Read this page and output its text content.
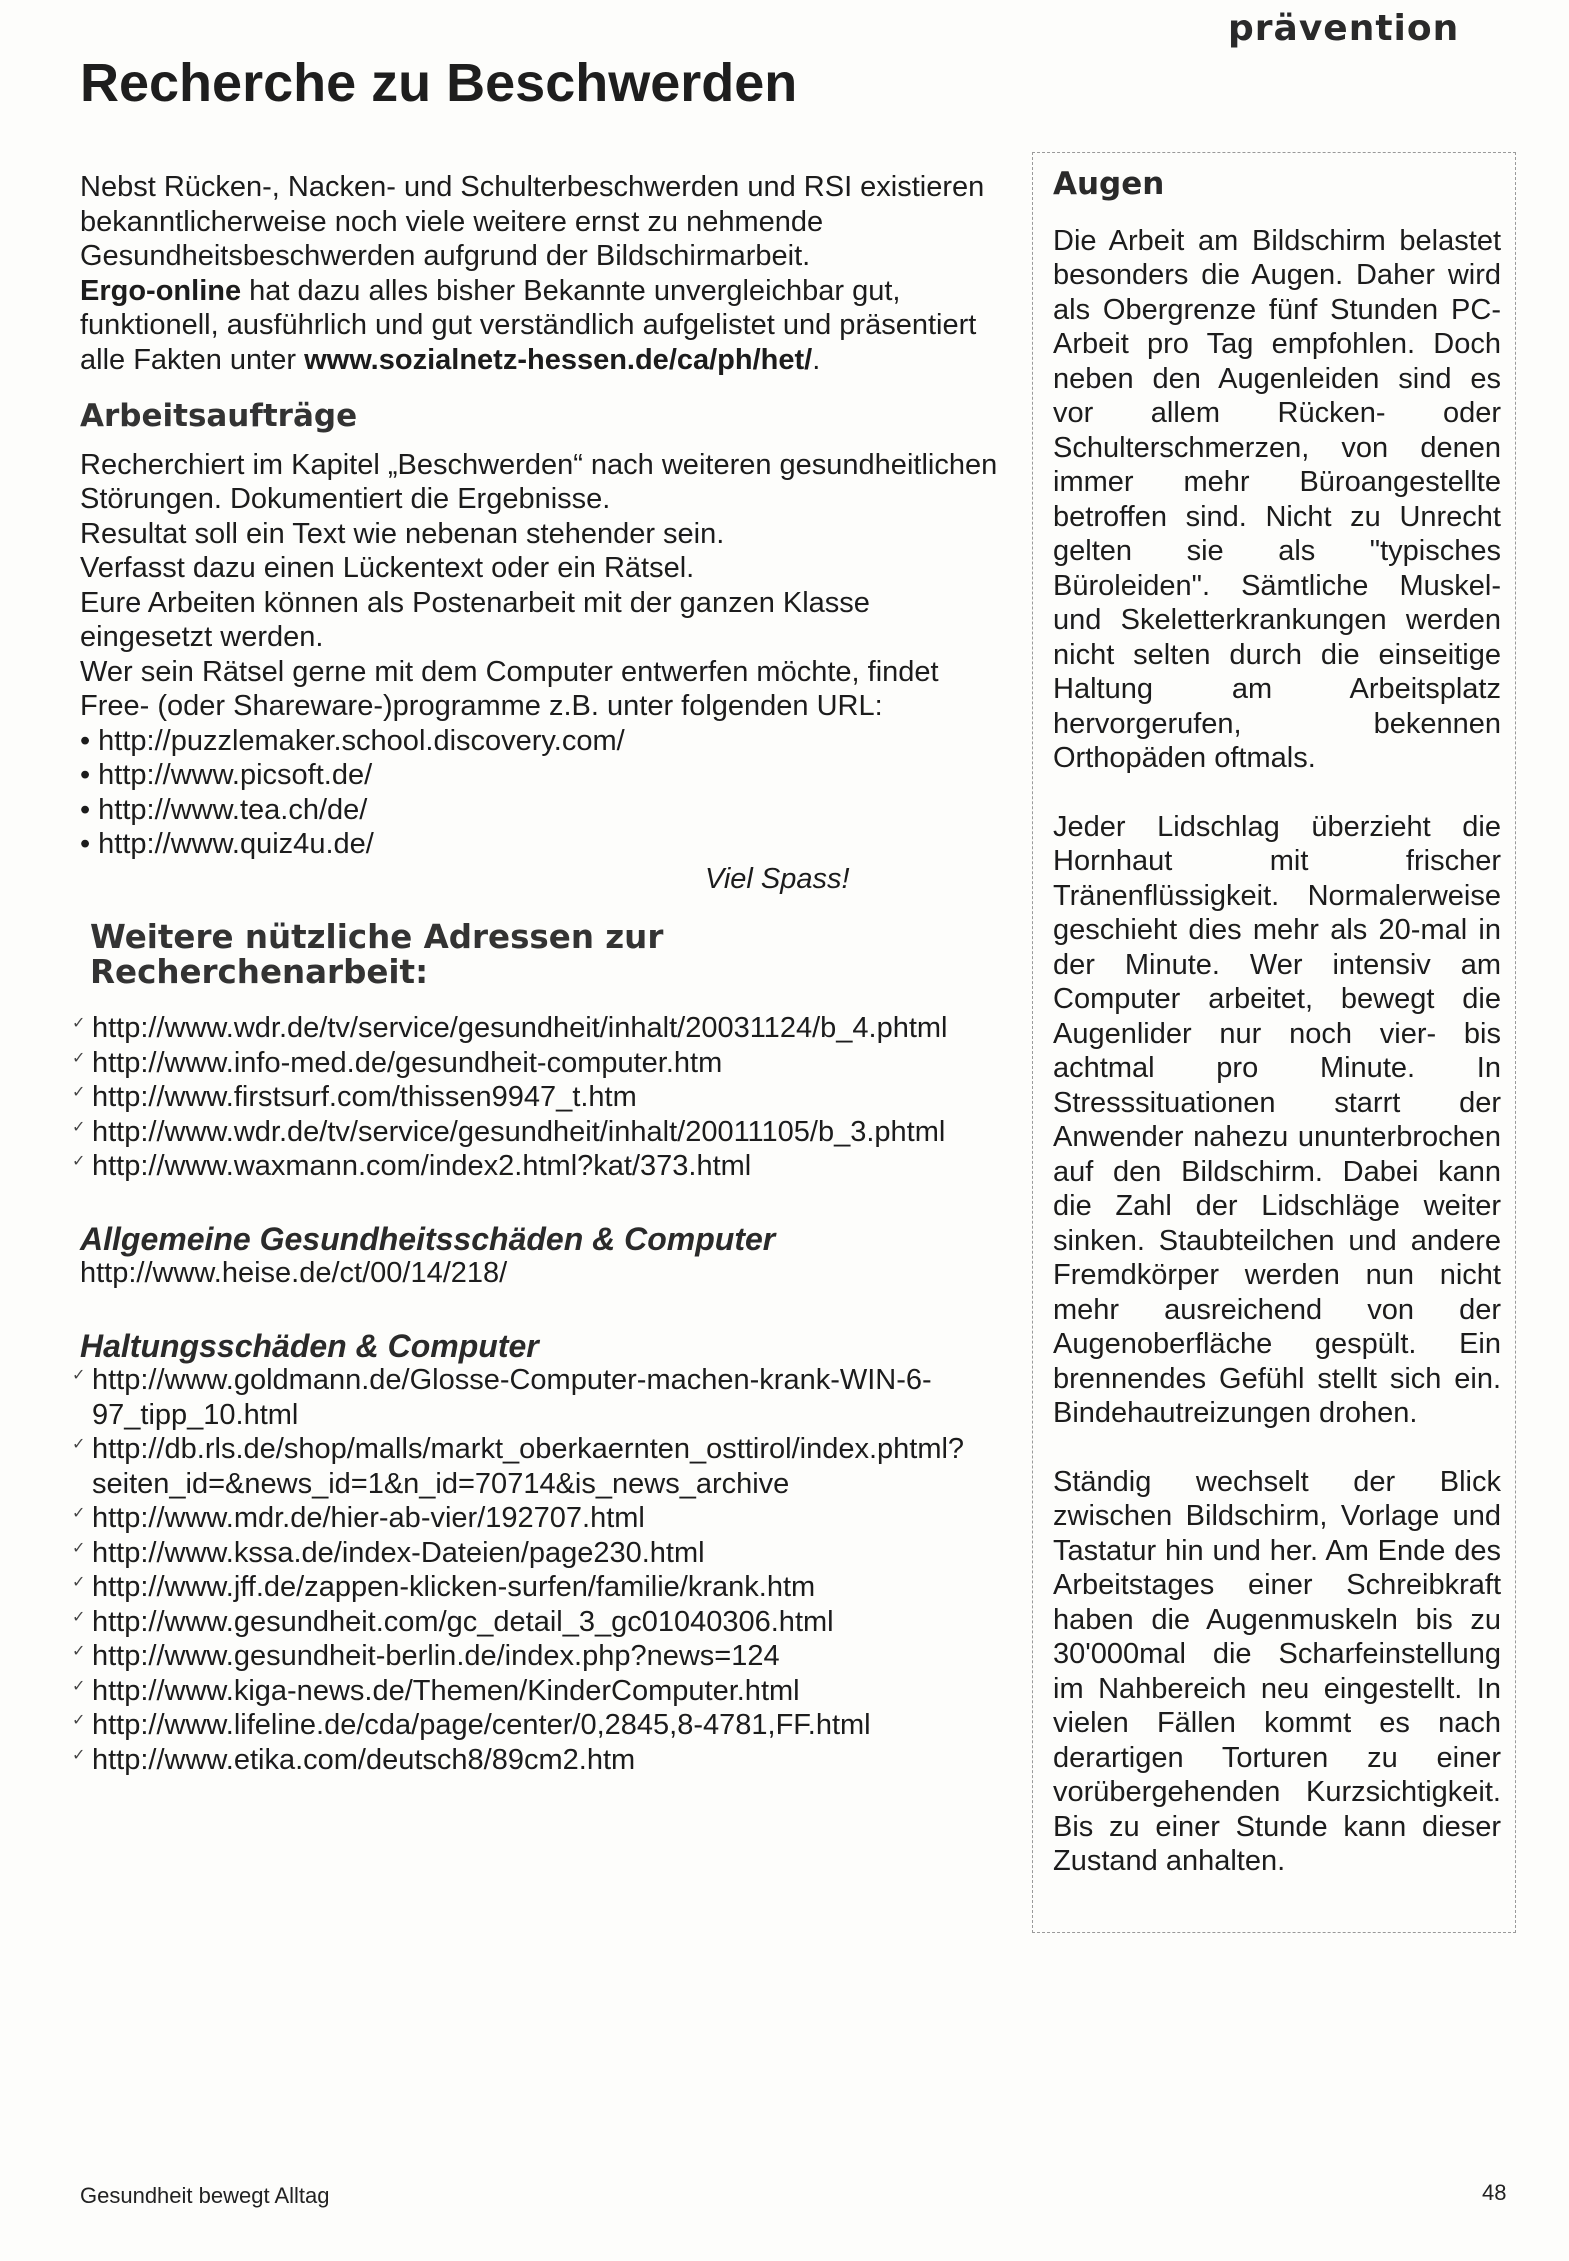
prävention
Recherche zu Beschwerden

Nebst Rücken-, Nacken- und Schulterbeschwerden und RSI existieren bekanntlicherweise noch viele weitere ernst zu nehmende Gesundheitsbeschwerden aufgrund der Bildschirmarbeit.

Ergo-online hat dazu alles bisher Bekannte unvergleichbar gut, funktionell, ausführlich und gut verständlich aufgelistet und präsentiert alle Fakten unter www.sozialnetz-hessen.de/ca/ph/het/.

Arbeitsaufträge

Recherchiert im Kapitel „Beschwerden“ nach weiteren gesundheitlichen Störungen. Dokumentiert die Ergebnisse.

Resultat soll ein Text wie nebenan stehender sein.

Verfasst dazu einen Lückentext oder ein Rätsel.

Eure Arbeiten können als Postenarbeit mit der ganzen Klasse eingesetzt werden.

Wer sein Rätsel gerne mit dem Computer entwerfen möchte, findet Free- (oder Shareware-)programme z.B. unter folgenden URL:

• http://puzzlemaker.school.discovery.com/
• http://www.picsoft.de/
• http://www.tea.ch/de/
• http://www.quiz4u.de/

Viel Spass!

Weitere nützliche Adressen zur Recherchenarbeit:
✓ http://www.wdr.de/tv/service/gesundheit/inhalt/20031124/b_4.phtml
✓ http://www.info-med.de/gesundheit-computer.htm
✓ http://www.firstsurf.com/thissen9947_t.htm
✓ http://www.wdr.de/tv/service/gesundheit/inhalt/20011105/b_3.phtml
✓ http://www.waxmann.com/index2.html?kat/373.html
Allgemeine Gesundheitsschäden & Computer

http://www.heise.de/ct/00/14/218/

Haltungsschäden & Computer
✓ http://www.goldmann.de/Glosse-Computer-machen-krank-WIN-6-97_tipp_10.html
✓ http://db.rls.de/shop/malls/markt_oberkaernten_osttirol/index.phtml?seiten_id=&news_id=1&n_id=70714&is_news_archive
✓ http://www.mdr.de/hier-ab-vier/192707.html
✓ http://www.kssa.de/index-Dateien/page230.html
✓ http://www.jff.de/zappen-klicken-surfen/familie/krank.htm
✓ http://www.gesundheit.com/gc_detail_3_gc01040306.html
✓ http://www.gesundheit-berlin.de/index.php?news=124
✓ http://www.kiga-news.de/Themen/KinderComputer.html
✓ http://www.lifeline.de/cda/page/center/0,2845,8-4781,FF.html
✓ http://www.etika.com/deutsch8/89cm2.htm
Augen

Die Arbeit am Bildschirm belastet besonders die Augen. Daher wird als Obergrenze fünf Stunden PC-Arbeit pro Tag empfohlen. Doch neben den Augenleiden sind es vor allem Rücken- oder Schulterschmerzen, von denen immer mehr Büroangestellte betroffen sind. Nicht zu Unrecht gelten sie als "typisches Büroleiden". Sämtliche Muskel- und Skeletterkrankungen werden nicht selten durch die einseitige Haltung am Arbeitsplatz hervorgerufen, bekennen Orthopäden oftmals.

Jeder Lidschlag überzieht die Hornhaut mit frischer Tränenflüssigkeit. Normalerweise geschieht dies mehr als 20-mal in der Minute. Wer intensiv am Computer arbeitet, bewegt die Augenlider nur noch vier- bis achtmal pro Minute. In Stresssituationen starrt der Anwender nahezu ununterbrochen auf den Bildschirm. Dabei kann die Zahl der Lidschläge weiter sinken. Staubteilchen und andere Fremdkörper werden nun nicht mehr ausreichend von der Augenoberfläche gespült. Ein brennendes Gefühl stellt sich ein. Bindehautreizungen drohen.

Ständig wechselt der Blick zwischen Bildschirm, Vorlage und Tastatur hin und her. Am Ende des Arbeitstages einer Schreibkraft haben die Augenmuskeln bis zu 30'000mal die Scharfeinstellung im Nahbereich neu eingestellt. In vielen Fällen kommt es nach derartigen Torturen zu einer vorübergehenden Kurzsichtigkeit. Bis zu einer Stunde kann dieser Zustand anhalten.

Gesundheit bewegt Alltag	48
